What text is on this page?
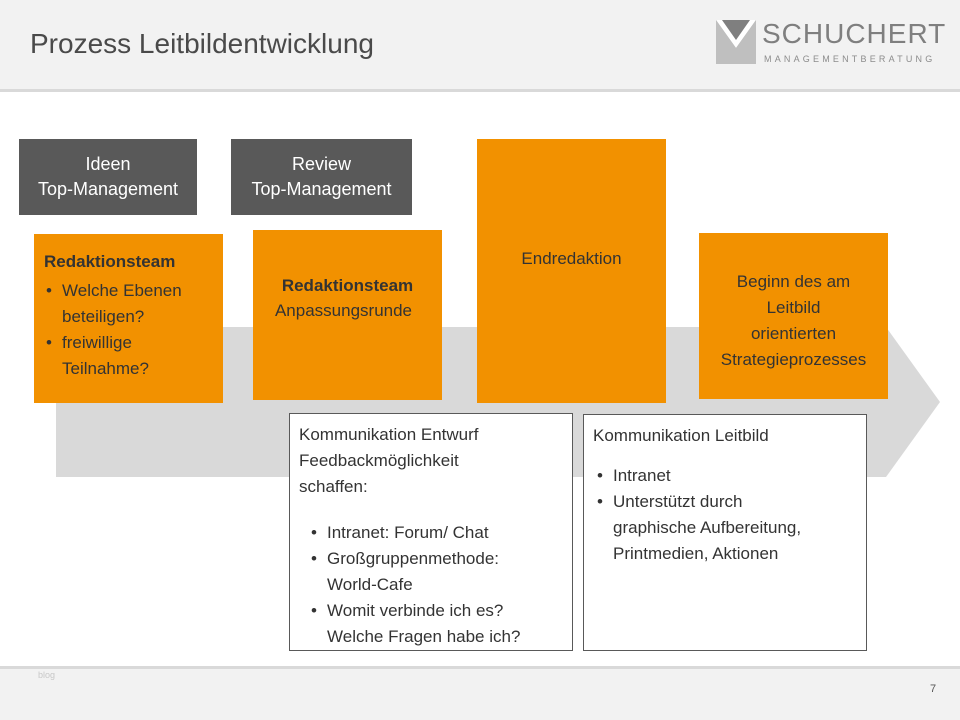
Prozess Leitbildentwicklung	SCHUCHERT
MANAGEMENTBERATUNG
Ideen
Top-Management
Review
Top-Management
Redaktionsteam
• Welche Ebenen
beteiligen?
• freiwillige
Teilnahme?
Redaktionsteam
Anpassungsrunde
Endredaktion
Beginn des am
Leitbild
orientierten
Strategieprozesses
Kommunikation Entwurf
Feedbackmöglichkeit
schaffen:
• Intranet: Forum/ Chat
• Großgruppenmethode:
World-Cafe
• Womit verbinde ich es?
Welche Fragen habe ich?
Kommunikation Leitbild
• Intranet
• Unterstützt durch
graphische Aufbereitung,
Printmedien, Aktionen
blog
7
